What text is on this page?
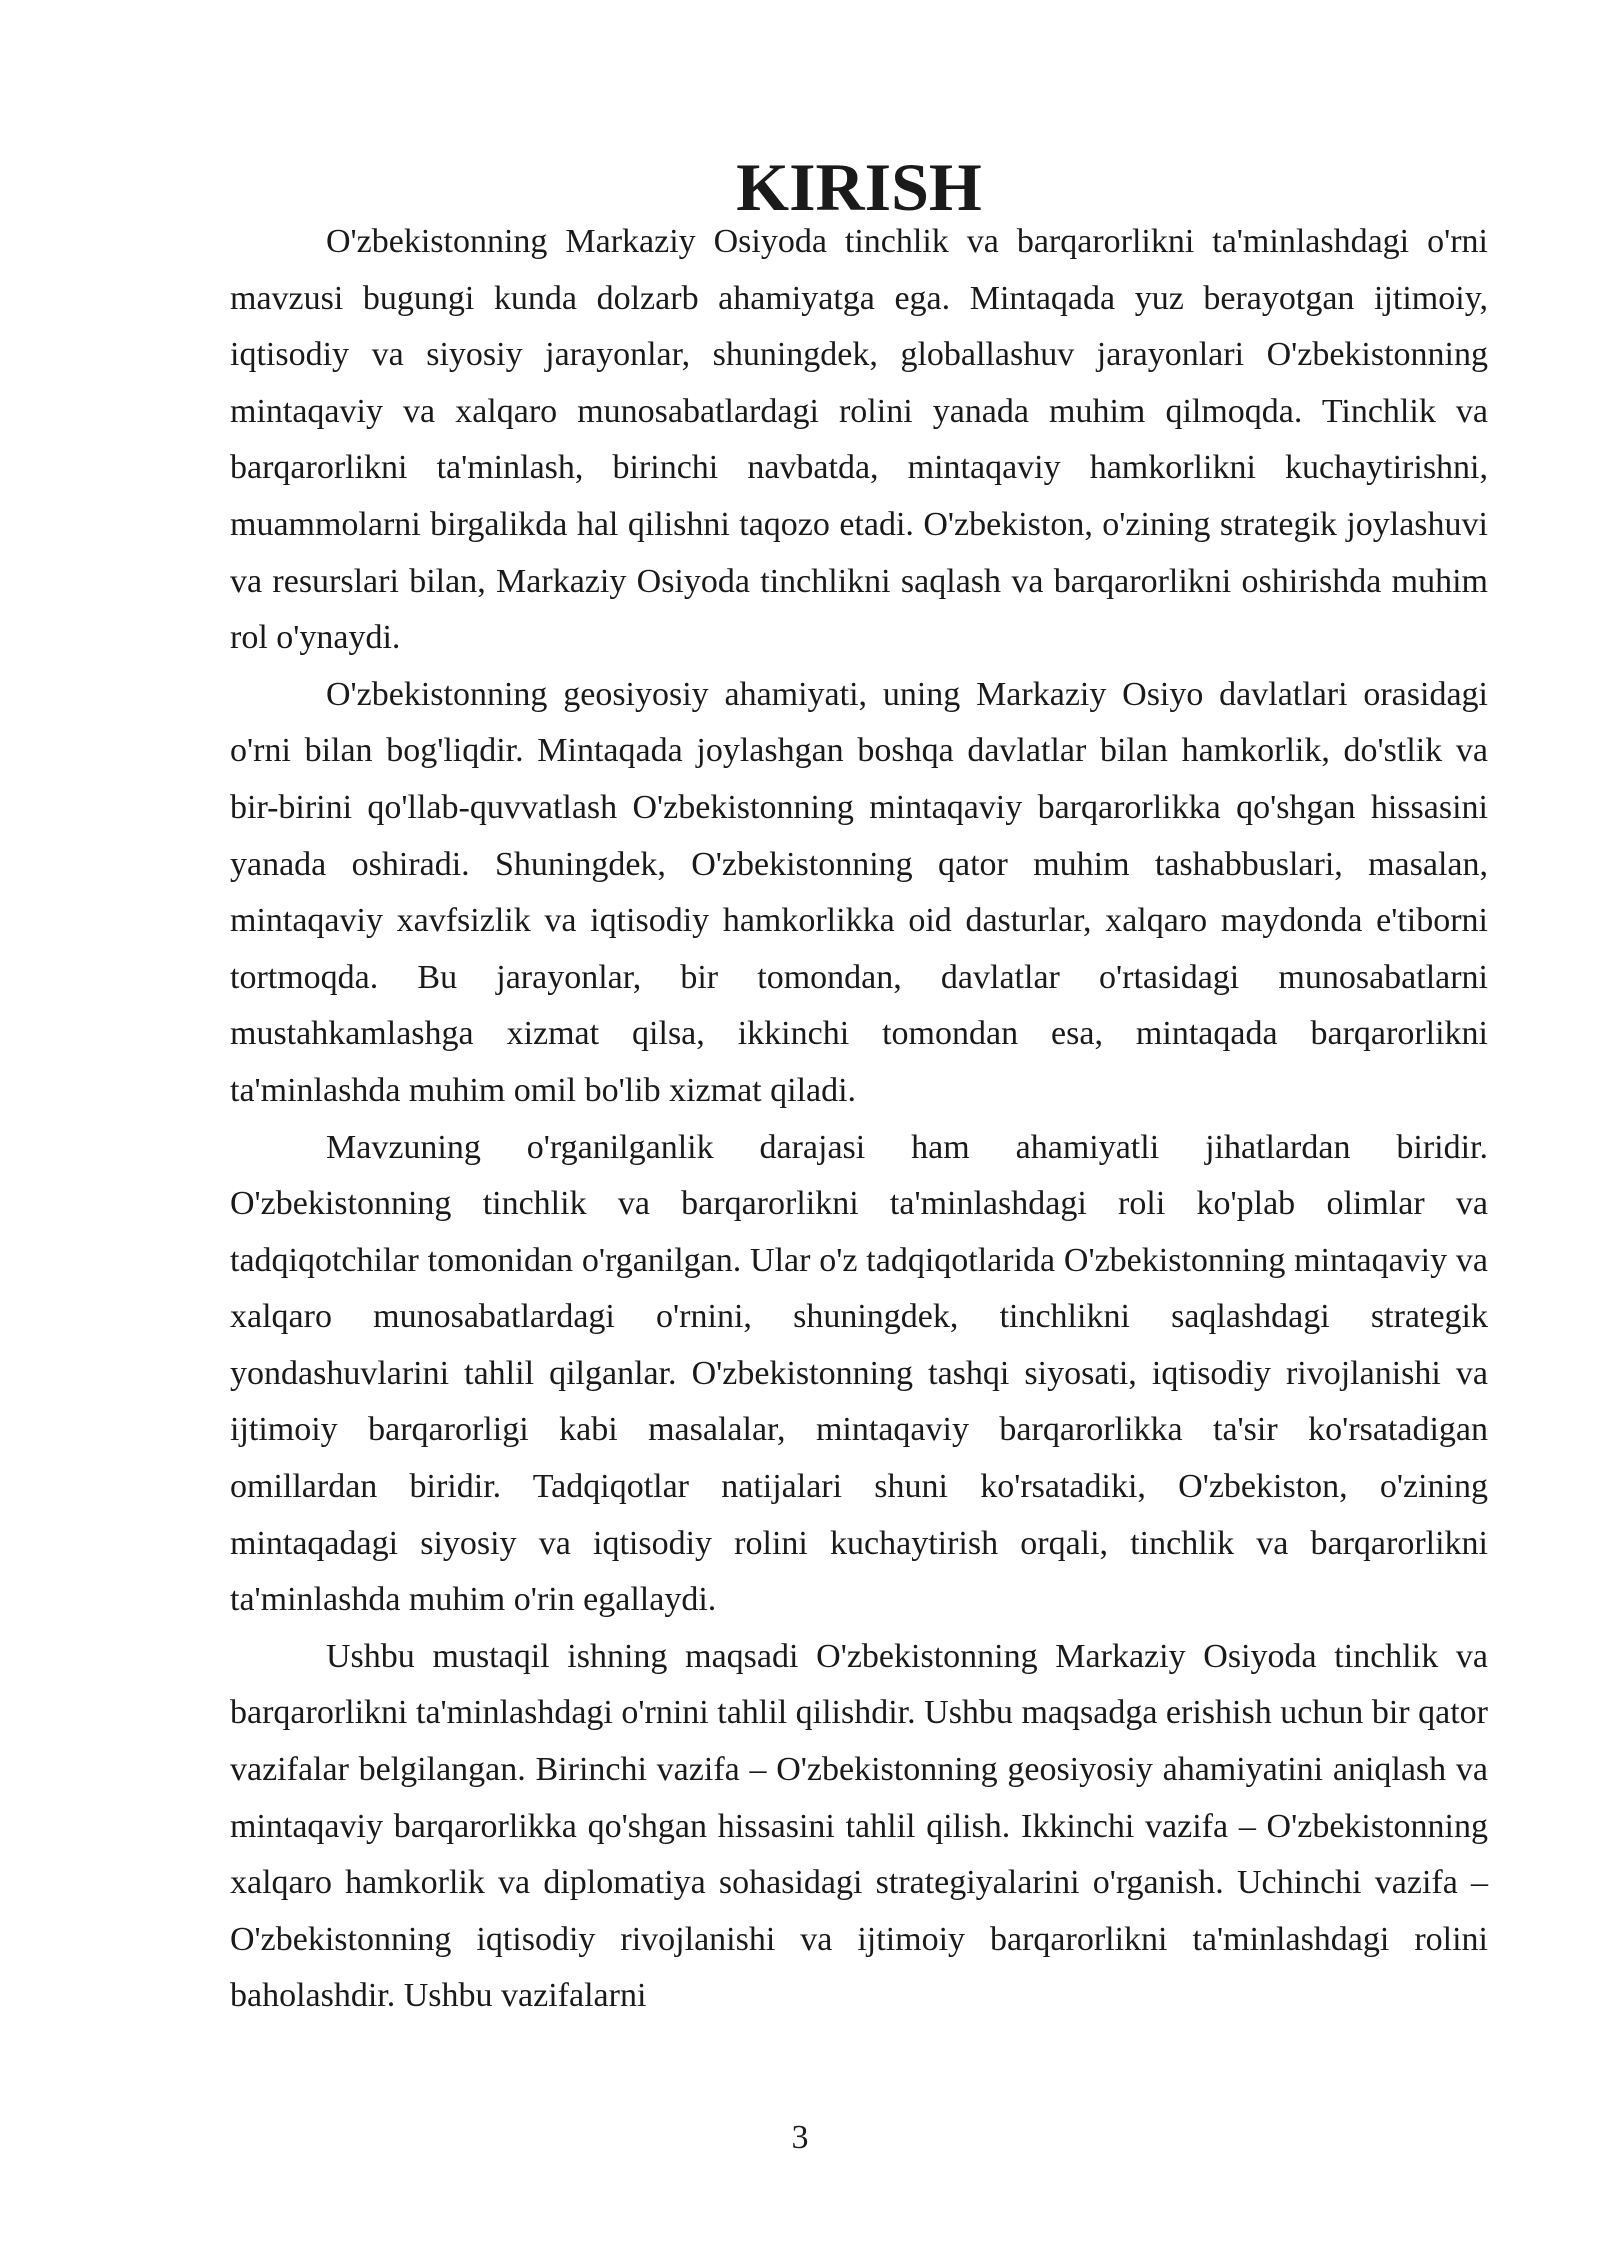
KIRISH

O'zbekistonning Markaziy Osiyoda tinchlik va barqarorlikni ta'minlashdagi o'rni mavzusi bugungi kunda dolzarb ahamiyatga ega. Mintaqada yuz berayotgan ijtimoiy, iqtisodiy va siyosiy jarayonlar, shuningdek, globallashuv jarayonlari O'zbekistonning mintaqaviy va xalqaro munosabatlardagi rolini yanada muhim qilmoqda. Tinchlik va barqarorlikni ta'minlash, birinchi navbatda, mintaqaviy hamkorlikni kuchaytirishni, muammolarni birgalikda hal qilishni taqozo etadi. O'zbekiston, o'zining strategik joylashuvi va resurslari bilan, Markaziy Osiyoda tinchlikni saqlash va barqarorlikni oshirishda muhim rol o'ynaydi.

O'zbekistonning geosiyosiy ahamiyati, uning Markaziy Osiyo davlatlari orasidagi o'rni bilan bog'liqdir. Mintaqada joylashgan boshqa davlatlar bilan hamkorlik, do'stlik va bir-birini qo'llab-quvvatlash O'zbekistonning mintaqaviy barqarorlikka qo'shgan hissasini yanada oshiradi. Shuningdek, O'zbekistonning qator muhim tashabbuslari, masalan, mintaqaviy xavfsizlik va iqtisodiy hamkorlikka oid dasturlar, xalqaro maydonda e'tiborni tortmoqda. Bu jarayonlar, bir tomondan, davlatlar o'rtasidagi munosabatlarni mustahkamlashga xizmat qilsa, ikkinchi tomondan esa, mintaqada barqarorlikni ta'minlashda muhim omil bo'lib xizmat qiladi.

Mavzuning o'rganilganlik darajasi ham ahamiyatli jihatlardan biridir. O'zbekistonning tinchlik va barqarorlikni ta'minlashdagi roli ko'plab olimlar va tadqiqotchilar tomonidan o'rganilgan. Ular o'z tadqiqotlarida O'zbekistonning mintaqaviy va xalqaro munosabatlardagi o'rnini, shuningdek, tinchlikni saqlashdagi strategik yondashuvlarini tahlil qilganlar. O'zbekistonning tashqi siyosati, iqtisodiy rivojlanishi va ijtimoiy barqarorligi kabi masalalar, mintaqaviy barqarorlikka ta'sir ko'rsatadigan omillardan biridir. Tadqiqotlar natijalari shuni ko'rsatadiki, O'zbekiston, o'zining mintaqadagi siyosiy va iqtisodiy rolini kuchaytirish orqali, tinchlik va barqarorlikni ta'minlashda muhim o'rin egallaydi.

Ushbu mustaqil ishning maqsadi O'zbekistonning Markaziy Osiyoda tinchlik va barqarorlikni ta'minlashdagi o'rnini tahlil qilishdir. Ushbu maqsadga erishish uchun bir qator vazifalar belgilangan. Birinchi vazifa – O'zbekistonning geosiyosiy ahamiyatini aniqlash va mintaqaviy barqarorlikka qo'shgan hissasini tahlil qilish. Ikkinchi vazifa – O'zbekistonning xalqaro hamkorlik va diplomatiya sohasidagi strategiyalarini o'rganish. Uchinchi vazifa – O'zbekistonning iqtisodiy rivojlanishi va ijtimoiy barqarorlikni ta'minlashdagi rolini baholashdir. Ushbu vazifalarni

3
